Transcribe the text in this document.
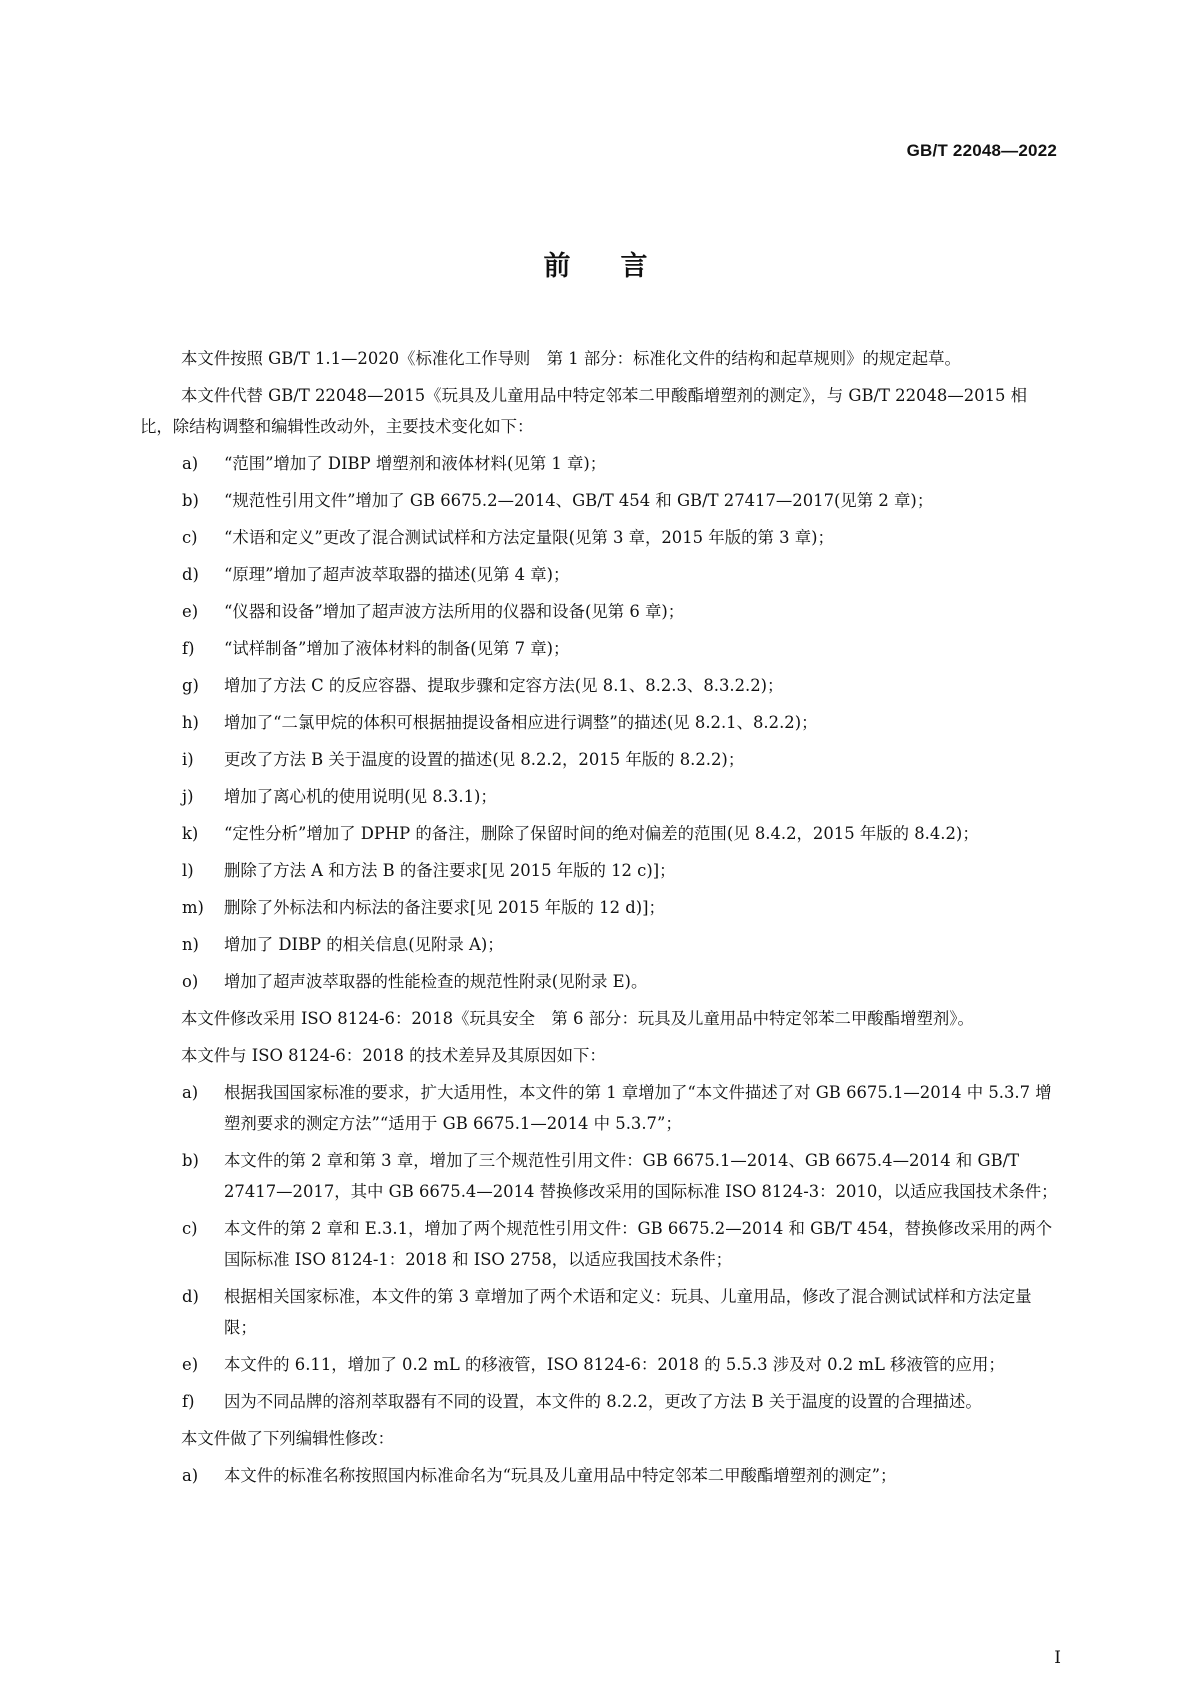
GB/T 22048—2022
前言

本文件按照 GB/T 1.1—2020《标准化工作导则　第 1 部分：标准化文件的结构和起草规则》的规定起草。

本文件代替 GB/T 22048—2015《玩具及儿童用品中特定邻苯二甲酸酯增塑剂的测定》，与 GB/T 22048—2015 相比，除结构调整和编辑性改动外，主要技术变化如下：

a)	“范围”增加了 DIBP 增塑剂和液体材料(见第 1 章)；
b)	“规范性引用文件”增加了 GB 6675.2—2014、GB/T 454 和 GB/T 27417—2017(见第 2 章)；
c)	“术语和定义”更改了混合测试试样和方法定量限(见第 3 章，2015 年版的第 3 章)；
d)	“原理”增加了超声波萃取器的描述(见第 4 章)；
e)	“仪器和设备”增加了超声波方法所用的仪器和设备(见第 6 章)；
f)	“试样制备”增加了液体材料的制备(见第 7 章)；
g)	增加了方法 C 的反应容器、提取步骤和定容方法(见 8.1、8.2.3、8.3.2.2)；
h)	增加了“二氯甲烷的体积可根据抽提设备相应进行调整”的描述(见 8.2.1、8.2.2)；
i)	更改了方法 B 关于温度的设置的描述(见 8.2.2，2015 年版的 8.2.2)；
j)	增加了离心机的使用说明(见 8.3.1)；
k)	“定性分析”增加了 DPHP 的备注，删除了保留时间的绝对偏差的范围(见 8.4.2，2015 年版的 8.4.2)；
l)	删除了方法 A 和方法 B 的备注要求[见 2015 年版的 12 c)]；
m)	删除了外标法和内标法的备注要求[见 2015 年版的 12 d)]；
n)	增加了 DIBP 的相关信息(见附录 A)；
o)	增加了超声波萃取器的性能检查的规范性附录(见附录 E)。

本文件修改采用 ISO 8124-6：2018《玩具安全　第 6 部分：玩具及儿童用品中特定邻苯二甲酸酯增塑剂》。

本文件与 ISO 8124-6：2018 的技术差异及其原因如下：

a)	根据我国国家标准的要求，扩大适用性，本文件的第 1 章增加了“本文件描述了对 GB 6675.1—2014 中 5.3.7 增塑剂要求的测定方法”“适用于 GB 6675.1—2014 中 5.3.7”；
b)	本文件的第 2 章和第 3 章，增加了三个规范性引用文件：GB 6675.1—2014、GB 6675.4—2014 和 GB/T 27417—2017，其中 GB 6675.4—2014 替换修改采用的国际标准 ISO 8124-3：2010，以适应我国技术条件；
c)	本文件的第 2 章和 E.3.1，增加了两个规范性引用文件：GB 6675.2—2014 和 GB/T 454，替换修改采用的两个国际标准 ISO 8124-1：2018 和 ISO 2758，以适应我国技术条件；
d)	根据相关国家标准，本文件的第 3 章增加了两个术语和定义：玩具、儿童用品，修改了混合测试试样和方法定量限；
e)	本文件的 6.11，增加了 0.2 mL 的移液管，ISO 8124-6：2018 的 5.5.3 涉及对 0.2 mL 移液管的应用；
f)	因为不同品牌的溶剂萃取器有不同的设置，本文件的 8.2.2，更改了方法 B 关于温度的设置的合理描述。

本文件做了下列编辑性修改：

a)	本文件的标准名称按照国内标准命名为“玩具及儿童用品中特定邻苯二甲酸酯增塑剂的测定”；
I
